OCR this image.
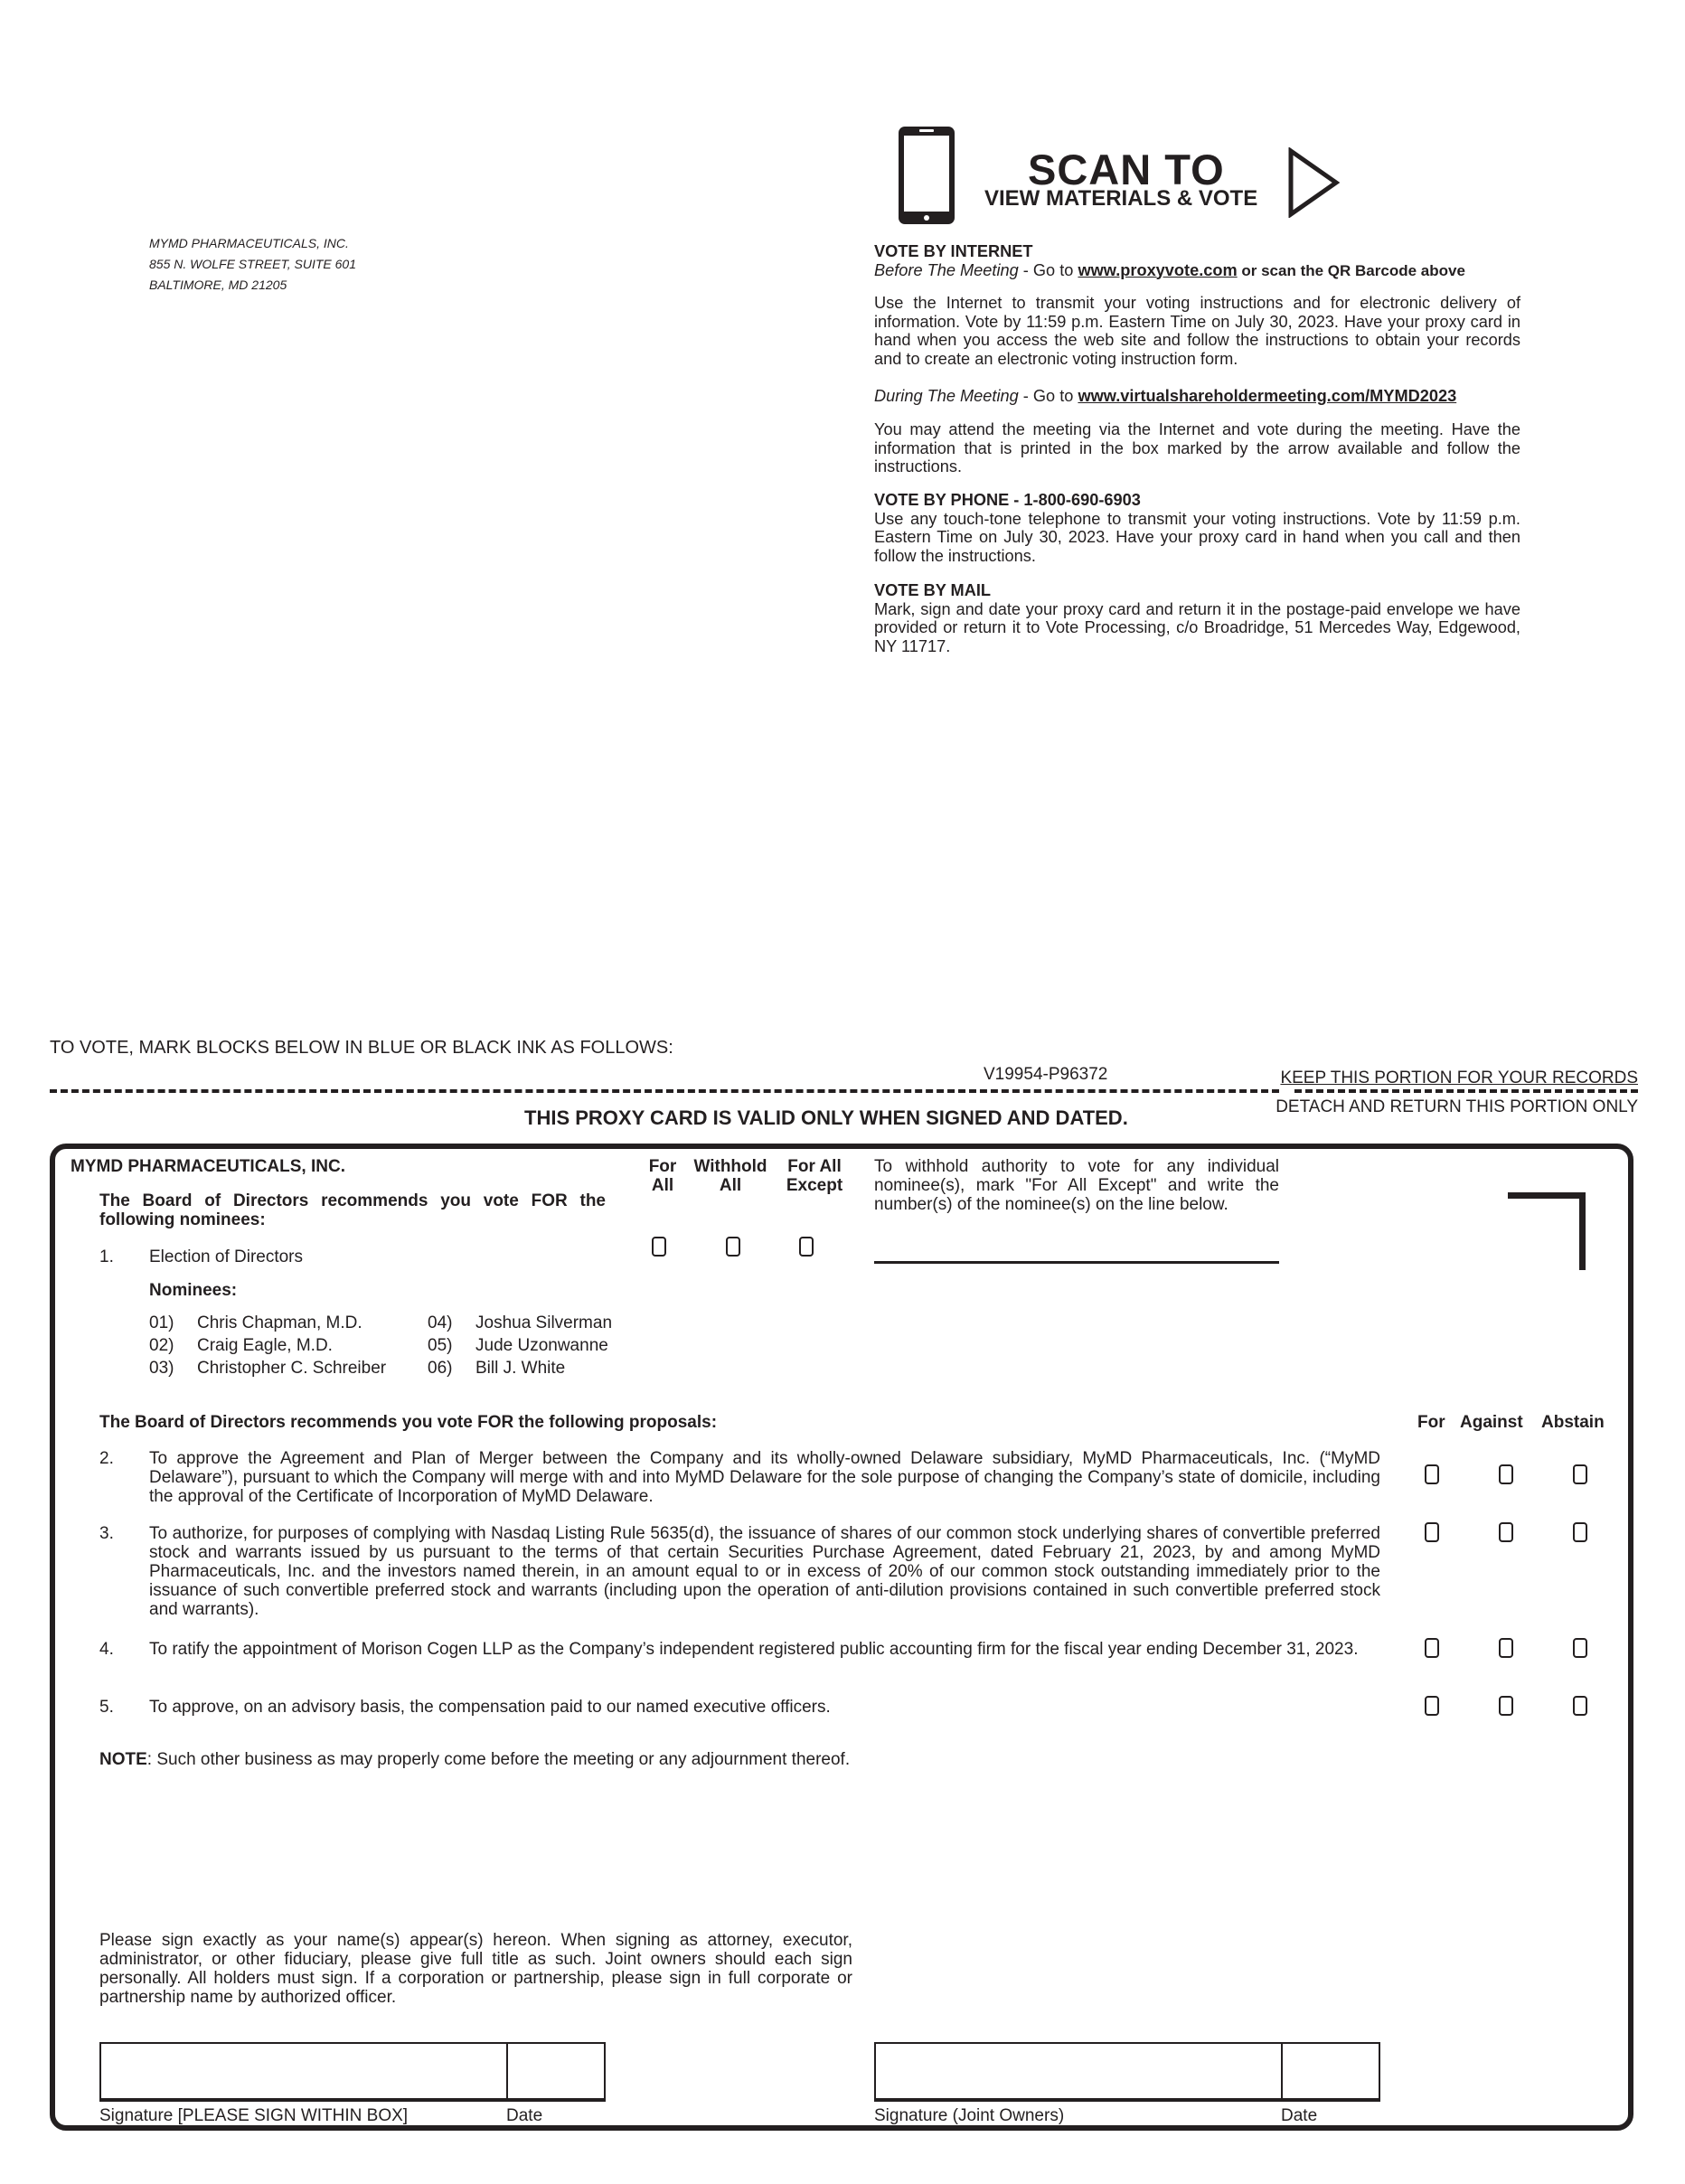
MYMD PHARMACEUTICALS, INC.
855 N. WOLFE STREET, SUITE 601
BALTIMORE, MD 21205
SCAN TO
VIEW MATERIALS & VOTE
VOTE BY INTERNET
Before The Meeting - Go to www.proxyvote.com or scan the QR Barcode above
Use the Internet to transmit your voting instructions and for electronic delivery of information. Vote by 11:59 p.m. Eastern Time on July 30, 2023. Have your proxy card in hand when you access the web site and follow the instructions to obtain your records and to create an electronic voting instruction form.
During The Meeting - Go to www.virtualshareholdermeeting.com/MYMD2023
You may attend the meeting via the Internet and vote during the meeting. Have the information that is printed in the box marked by the arrow available and follow the instructions.
VOTE BY PHONE - 1-800-690-6903
Use any touch-tone telephone to transmit your voting instructions. Vote by 11:59 p.m. Eastern Time on July 30, 2023. Have your proxy card in hand when you call and then follow the instructions.
VOTE BY MAIL
Mark, sign and date your proxy card and return it in the postage-paid envelope we have provided or return it to Vote Processing, c/o Broadridge, 51 Mercedes Way, Edgewood, NY 11717.
TO VOTE, MARK BLOCKS BELOW IN BLUE OR BLACK INK AS FOLLOWS:
V19954-P96372	KEEP THIS PORTION FOR YOUR RECORDS
DETACH AND RETURN THIS PORTION ONLY
THIS PROXY CARD IS VALID ONLY WHEN SIGNED AND DATED.
MYMD PHARMACEUTICALS, INC.
The Board of Directors recommends you vote FOR the following nominees:
1. Election of Directors
Nominees:
01) Chris Chapman, M.D.
02) Craig Eagle, M.D.
03) Christopher C. Schreiber
04) Joshua Silverman
05) Jude Uzonwanne
06) Bill J. White
For All
Withhold All
For All Except
To withhold authority to vote for any individual nominee(s), mark "For All Except" and write the number(s) of the nominee(s) on the line below.
The Board of Directors recommends you vote FOR the following proposals:	For Against Abstain
2. To approve the Agreement and Plan of Merger between the Company and its wholly-owned Delaware subsidiary, MyMD Pharmaceuticals, Inc. (“MyMD Delaware”), pursuant to which the Company will merge with and into MyMD Delaware for the sole purpose of changing the Company’s state of domicile, including the approval of the Certificate of Incorporation of MyMD Delaware.
3. To authorize, for purposes of complying with Nasdaq Listing Rule 5635(d), the issuance of shares of our common stock underlying shares of convertible preferred stock and warrants issued by us pursuant to the terms of that certain Securities Purchase Agreement, dated February 21, 2023, by and among MyMD Pharmaceuticals, Inc. and the investors named therein, in an amount equal to or in excess of 20% of our common stock outstanding immediately prior to the issuance of such convertible preferred stock and warrants (including upon the operation of anti-dilution provisions contained in such convertible preferred stock and warrants).
4. To ratify the appointment of Morison Cogen LLP as the Company’s independent registered public accounting firm for the fiscal year ending December 31, 2023.
5. To approve, on an advisory basis, the compensation paid to our named executive officers.
NOTE: Such other business as may properly come before the meeting or any adjournment thereof.
Please sign exactly as your name(s) appear(s) hereon. When signing as attorney, executor, administrator, or other fiduciary, please give full title as such. Joint owners should each sign personally. All holders must sign. If a corporation or partnership, please sign in full corporate or partnership name by authorized officer.
Signature [PLEASE SIGN WITHIN BOX]	Date	Signature (Joint Owners)	Date
